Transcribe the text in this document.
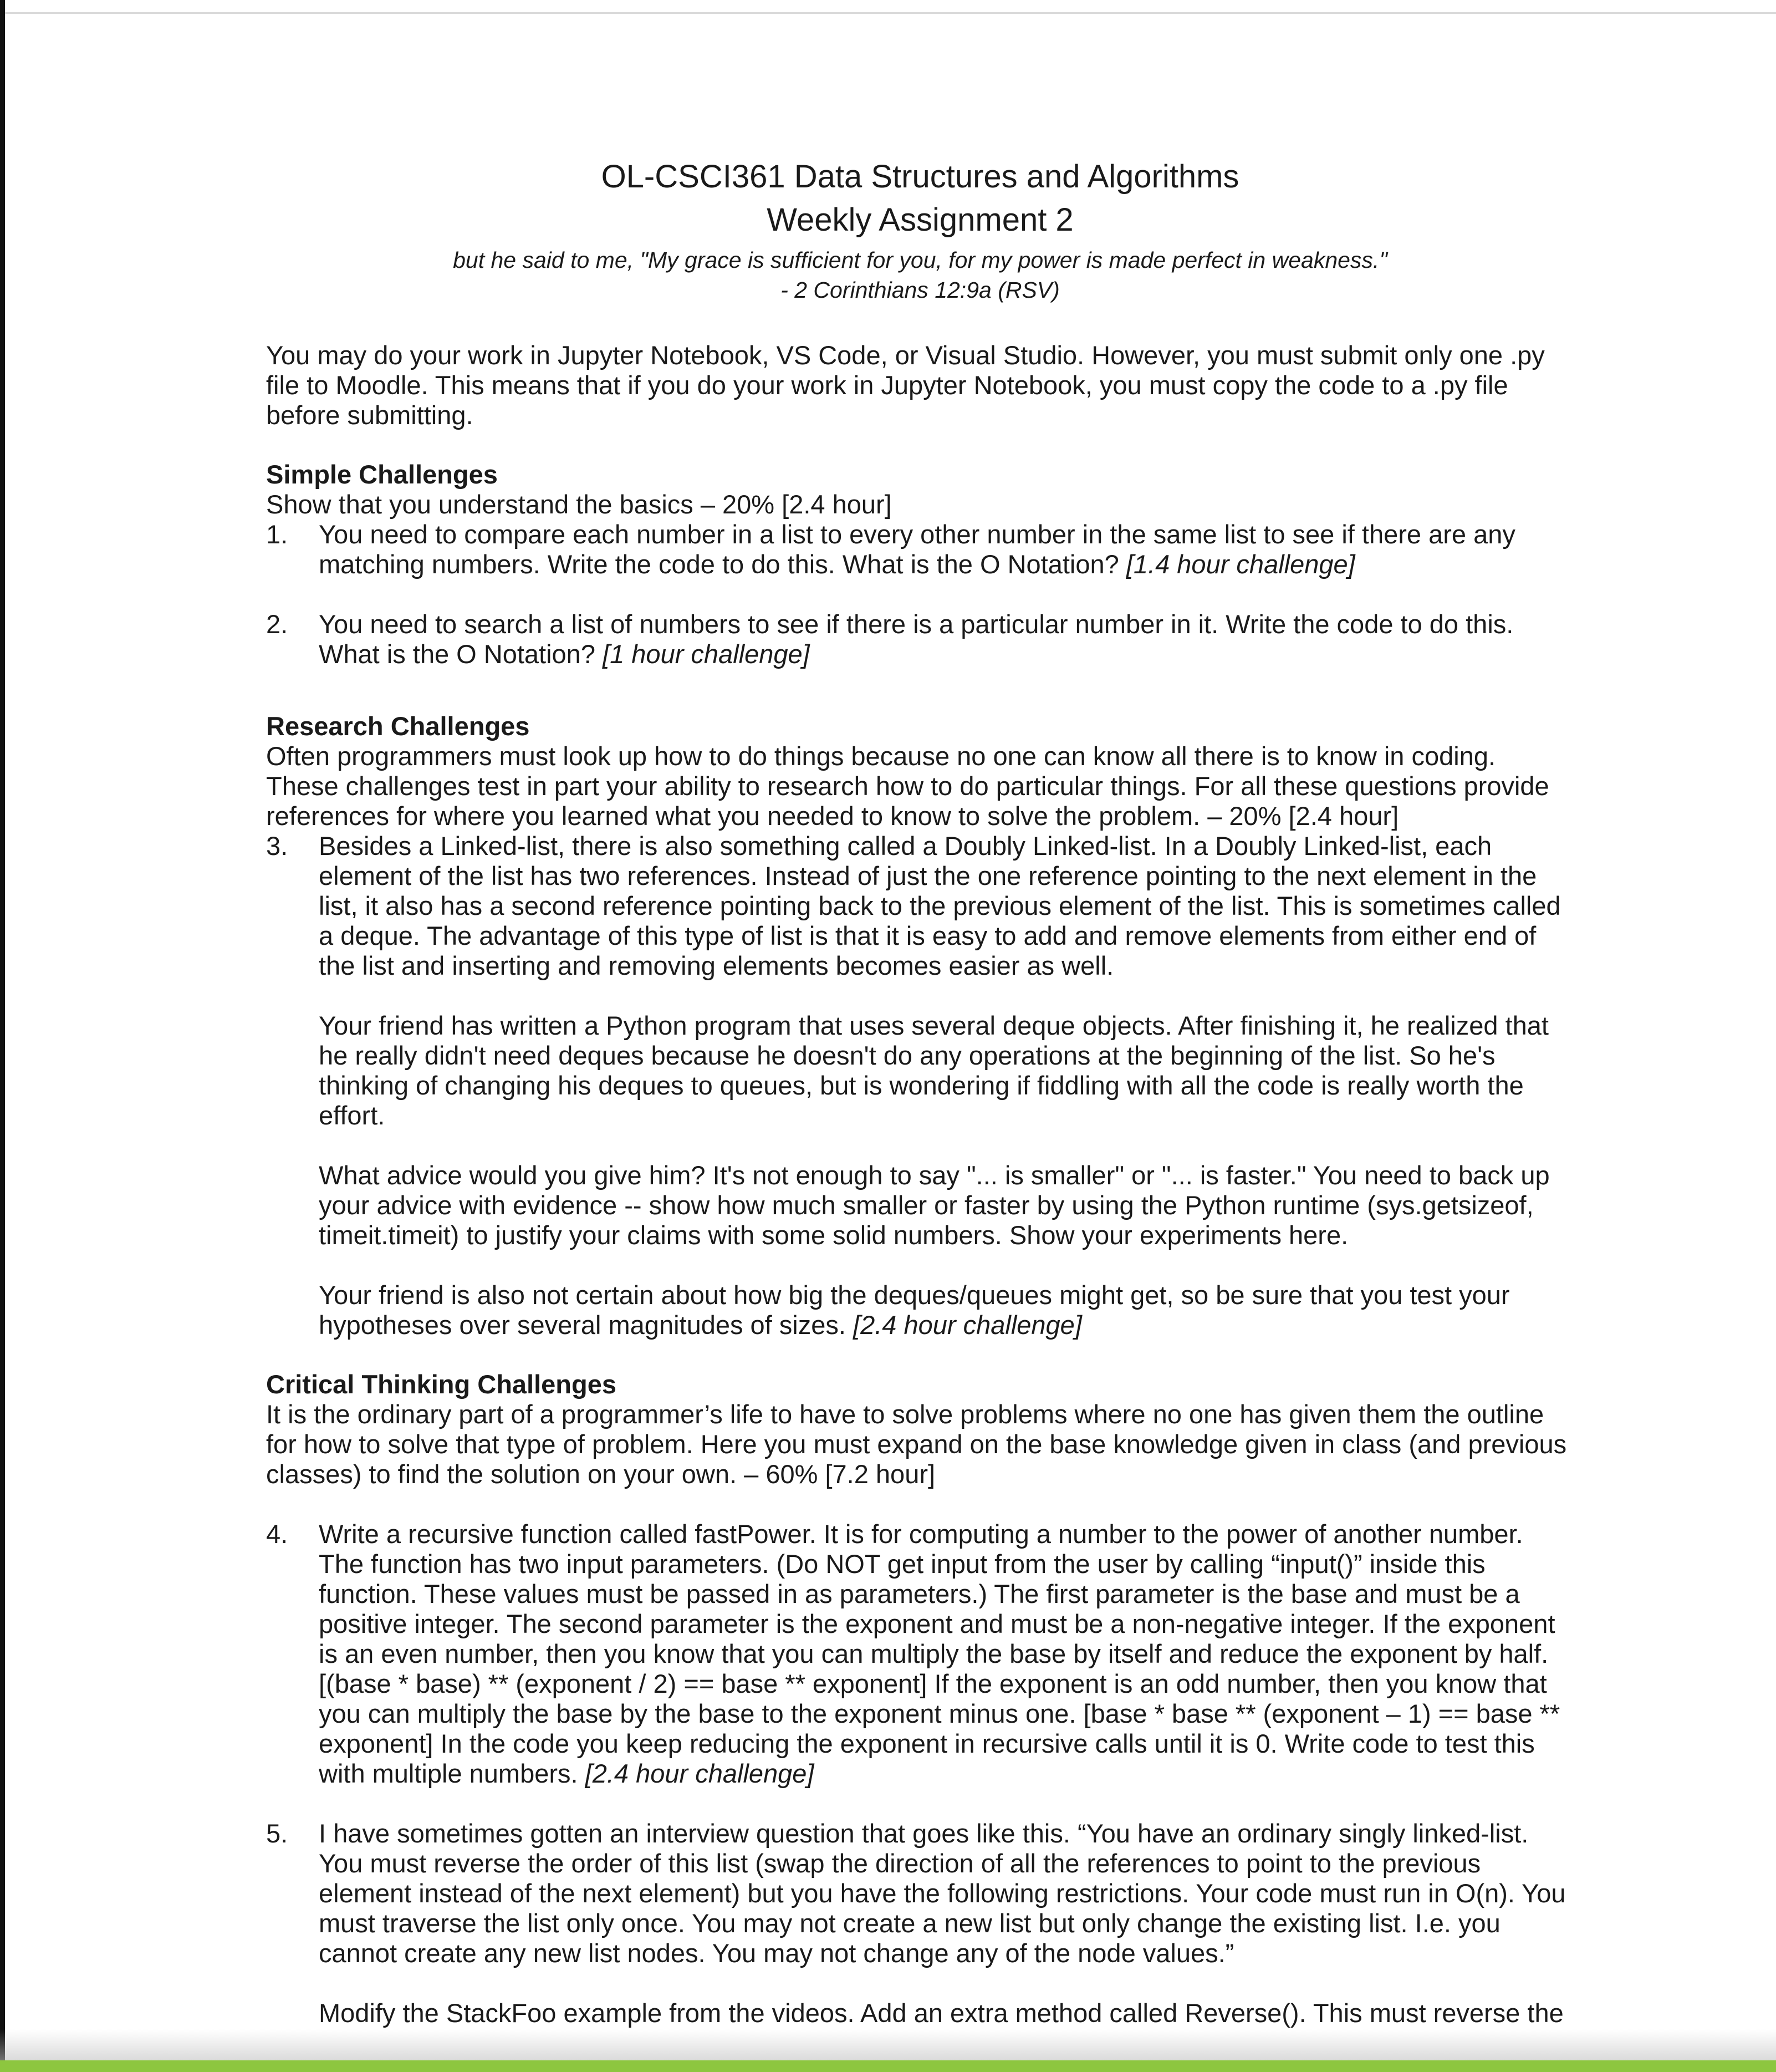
OL-CSCI361 Data Structures and Algorithms
Weekly Assignment 2

but he said to me, "My grace is sufficient for you, for my power is made perfect in weakness."

- 2 Corinthians 12:9a (RSV)

You may do your work in Jupyter Notebook, VS Code, or Visual Studio. However, you must submit only one .py file to Moodle. This means that if you do your work in Jupyter Notebook, you must copy the code to a .py file before submitting.

Simple Challenges

Show that you understand the basics – 20% [2.4 hour]

1. You need to compare each number in a list to every other number in the same list to see if there are any matching numbers. Write the code to do this. What is the O Notation? [1.4 hour challenge]

2. You need to search a list of numbers to see if there is a particular number in it. Write the code to do this. What is the O Notation? [1 hour challenge]

Research Challenges

Often programmers must look up how to do things because no one can know all there is to know in coding. These challenges test in part your ability to research how to do particular things. For all these questions provide references for where you learned what you needed to know to solve the problem. – 20% [2.4 hour]

3. Besides a Linked-list, there is also something called a Doubly Linked-list. In a Doubly Linked-list, each element of the list has two references. Instead of just the one reference pointing to the next element in the list, it also has a second reference pointing back to the previous element of the list. This is sometimes called a deque. The advantage of this type of list is that it is easy to add and remove elements from either end of the list and inserting and removing elements becomes easier as well.

Your friend has written a Python program that uses several deque objects. After finishing it, he realized that he really didn't need deques because he doesn't do any operations at the beginning of the list. So he's thinking of changing his deques to queues, but is wondering if fiddling with all the code is really worth the effort.

What advice would you give him? It's not enough to say "... is smaller" or "... is faster." You need to back up your advice with evidence -- show how much smaller or faster by using the Python runtime (sys.getsizeof, timeit.timeit) to justify your claims with some solid numbers. Show your experiments here.

Your friend is also not certain about how big the deques/queues might get, so be sure that you test your hypotheses over several magnitudes of sizes. [2.4 hour challenge]

Critical Thinking Challenges

It is the ordinary part of a programmer’s life to have to solve problems where no one has given them the outline for how to solve that type of problem. Here you must expand on the base knowledge given in class (and previous classes) to find the solution on your own. – 60% [7.2 hour]

4. Write a recursive function called fastPower. It is for computing a number to the power of another number. The function has two input parameters. (Do NOT get input from the user by calling “input()” inside this function. These values must be passed in as parameters.) The first parameter is the base and must be a positive integer. The second parameter is the exponent and must be a non-negative integer. If the exponent is an even number, then you know that you can multiply the base by itself and reduce the exponent by half. [(base * base) ** (exponent / 2) == base ** exponent] If the exponent is an odd number, then you know that you can multiply the base by the base to the exponent minus one. [base * base ** (exponent – 1) == base ** exponent] In the code you keep reducing the exponent in recursive calls until it is 0. Write code to test this with multiple numbers. [2.4 hour challenge]

5. I have sometimes gotten an interview question that goes like this. “You have an ordinary singly linked-list. You must reverse the order of this list (swap the direction of all the references to point to the previous element instead of the next element) but you have the following restrictions. Your code must run in O(n). You must traverse the list only once. You may not create a new list but only change the existing list. I.e. you cannot create any new list nodes. You may not change any of the node values.”

Modify the StackFoo example from the videos. Add an extra method called Reverse(). This must reverse the
